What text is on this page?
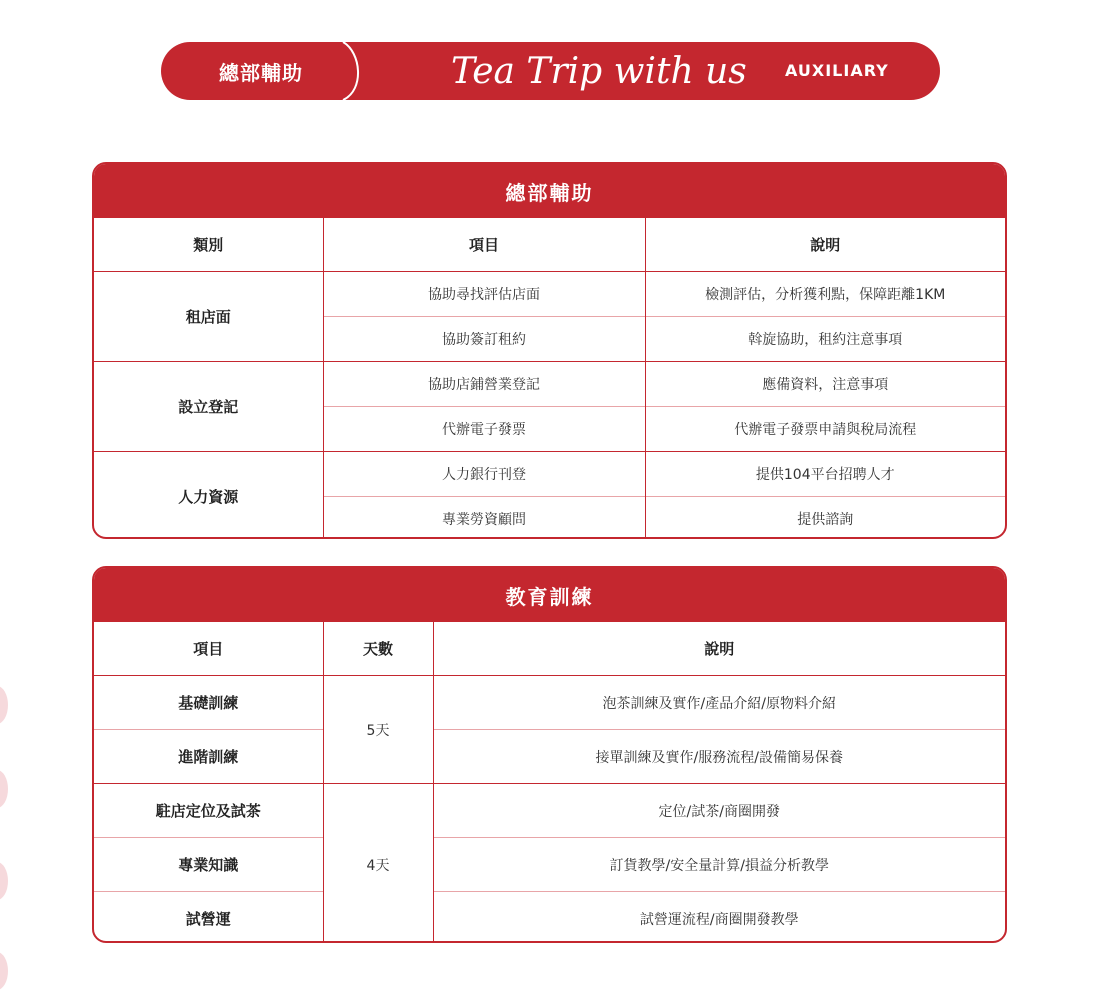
總部輔助	Tea Trip with us AUXILIARY
總部輔助
類別	項目	說明
租店面	協助尋找評估店面	檢測評估，分析獲利點，保障距離1KM
	協助簽訂租約	斡旋協助，租約注意事項
設立登記	協助店鋪營業登記	應備資料，注意事項
	代辦電子發票	代辦電子發票申請與稅局流程
人力資源	人力銀行刊登	提供104平台招聘人才
	專業勞資顧問	提供諮詢
教育訓練
項目	天數	說明
基礎訓練	5天	泡茶訓練及實作/產品介紹/原物料介紹
進階訓練		接單訓練及實作/服務流程/設備簡易保養
駐店定位及試茶	4天	定位/試茶/商圈開發
專業知識		訂貨教學/安全量計算/損益分析教學
試營運		試營運流程/商圈開發教學
